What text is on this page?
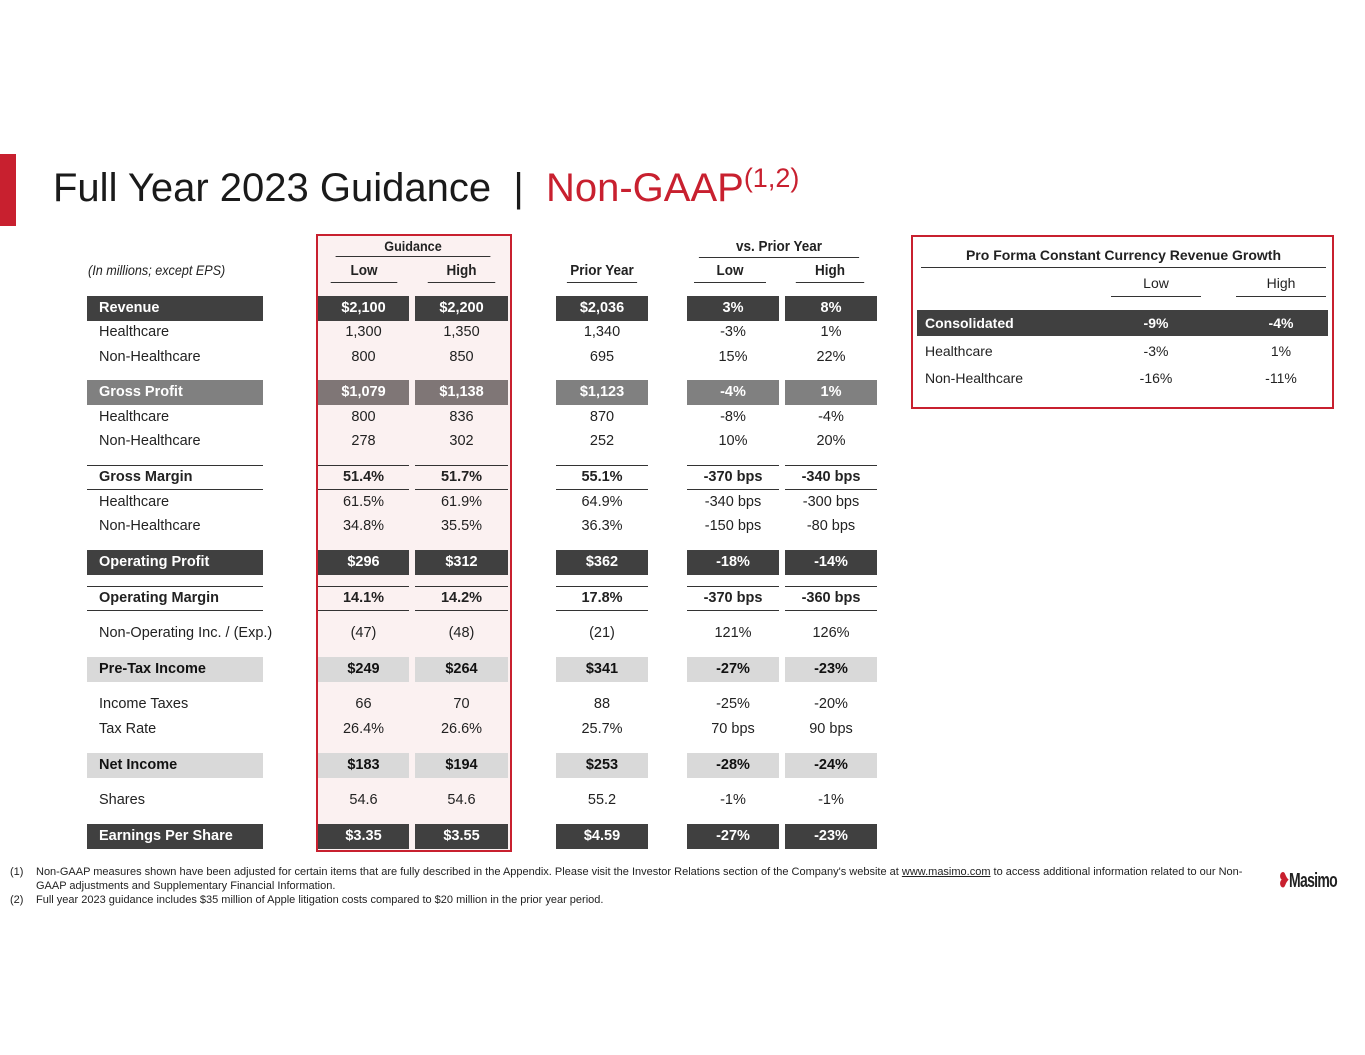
Full Year 2023 Guidance  |  Non-GAAP$^{(1,2)}$
(In millions; except EPS)
Guidance
Low	High	Prior Year
vs. Prior Year
Low	High
Revenue	$2,100	$2,200	$2,036	3%	8%
Healthcare	1,300	1,350	1,340	-3%	1%
Non-Healthcare	800	850	695	15%	22%
Gross Profit	$1,079	$1,138	$1,123	-4%	1%
Healthcare	800	836	870	-8%	-4%
Non-Healthcare	278	302	252	10%	20%
Gross Margin	51.4%	51.7%	55.1%	-370 bps	-340 bps
Healthcare	61.5%	61.9%	64.9%	-340 bps	-300 bps
Non-Healthcare	34.8%	35.5%	36.3%	-150 bps	-80 bps
Operating Profit	$296	$312	$362	-18%	-14%
Operating Margin	14.1%	14.2%	17.8%	-370 bps	-360 bps
Non-Operating Inc. / (Exp.)	(47)	(48)	(21)	121%	126%
Pre-Tax Income	$249	$264	$341	-27%	-23%
Income Taxes	66	70	88	-25%	-20%
Tax Rate	26.4%	26.6%	25.7%	70 bps	90 bps
Net Income	$183	$194	$253	-28%	-24%
Shares	54.6	54.6	55.2	-1%	-1%
Earnings Per Share	$3.35	$3.55	$4.59	-27%	-23%
Pro Forma Constant Currency Revenue Growth
Low	High
Consolidated	-9%	-4%
Healthcare	-3%	1%
Non-Healthcare	-16%	-11%
(1)	Non-GAAP measures shown have been adjusted for certain items that are fully described in the Appendix. Please visit the Investor Relations section of the Company's website at www.masimo.com to access additional information related to our Non-GAAP adjustments and Supplementary Financial Information.
(2)	Full year 2023 guidance includes $35 million of Apple litigation costs compared to $20 million in the prior year period.
❥Masimo
